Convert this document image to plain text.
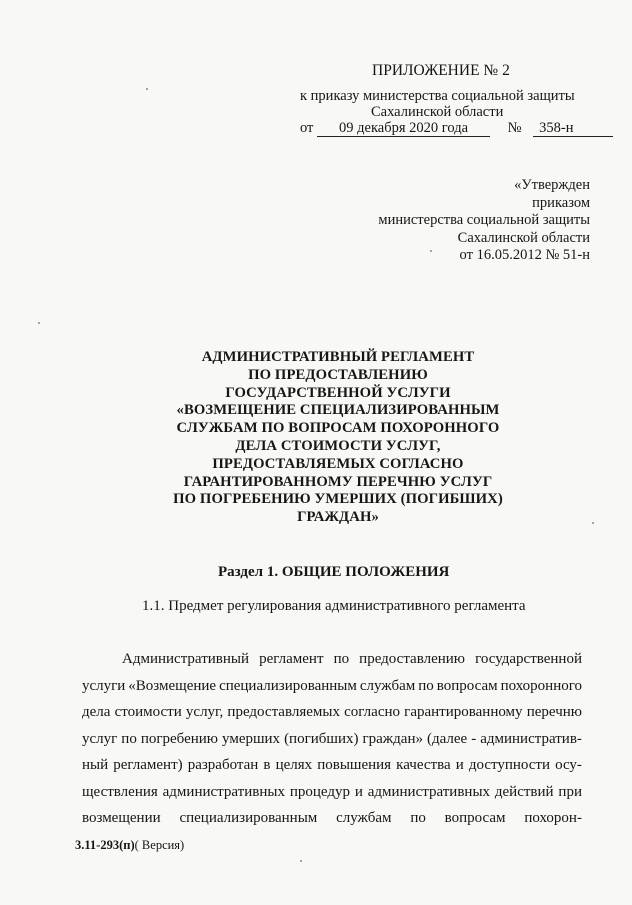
ПРИЛОЖЕНИЕ № 2
к приказу министерства социальной защиты
Сахалинской области
от 09 декабря 2020 года	№ 358-н
«Утвержден
приказом
министерства социальной защиты
Сахалинской области
от 16.05.2012 № 51-н
АДМИНИСТРАТИВНЫЙ РЕГЛАМЕНТ
ПО ПРЕДОСТАВЛЕНИЮ
ГОСУДАРСТВЕННОЙ УСЛУГИ
«ВОЗМЕЩЕНИЕ СПЕЦИАЛИЗИРОВАННЫМ
СЛУЖБАМ ПО ВОПРОСАМ ПОХОРОННОГО
ДЕЛА СТОИМОСТИ УСЛУГ,
ПРЕДОСТАВЛЯЕМЫХ СОГЛАСНО
ГАРАНТИРОВАННОМУ ПЕРЕЧНЮ УСЛУГ
ПО ПОГРЕБЕНИЮ УМЕРШИХ (ПОГИБШИХ)
ГРАЖДАН»
Раздел 1. ОБЩИЕ ПОЛОЖЕНИЯ
1.1. Предмет регулирования административного регламента
Административный регламент по предоставлению государственной
услуги «Возмещение специализированным службам по вопросам похоронного
дела стоимости услуг, предоставляемых согласно гарантированному перечню
услуг по погребению умерших (погибших) граждан» (далее - административ-
ный регламент) разработан в целях повышения качества и доступности осу-
ществления административных процедур и административных действий при
возмещении специализированным службам по вопросам похорон-
3.11-293(п)( Версия)
